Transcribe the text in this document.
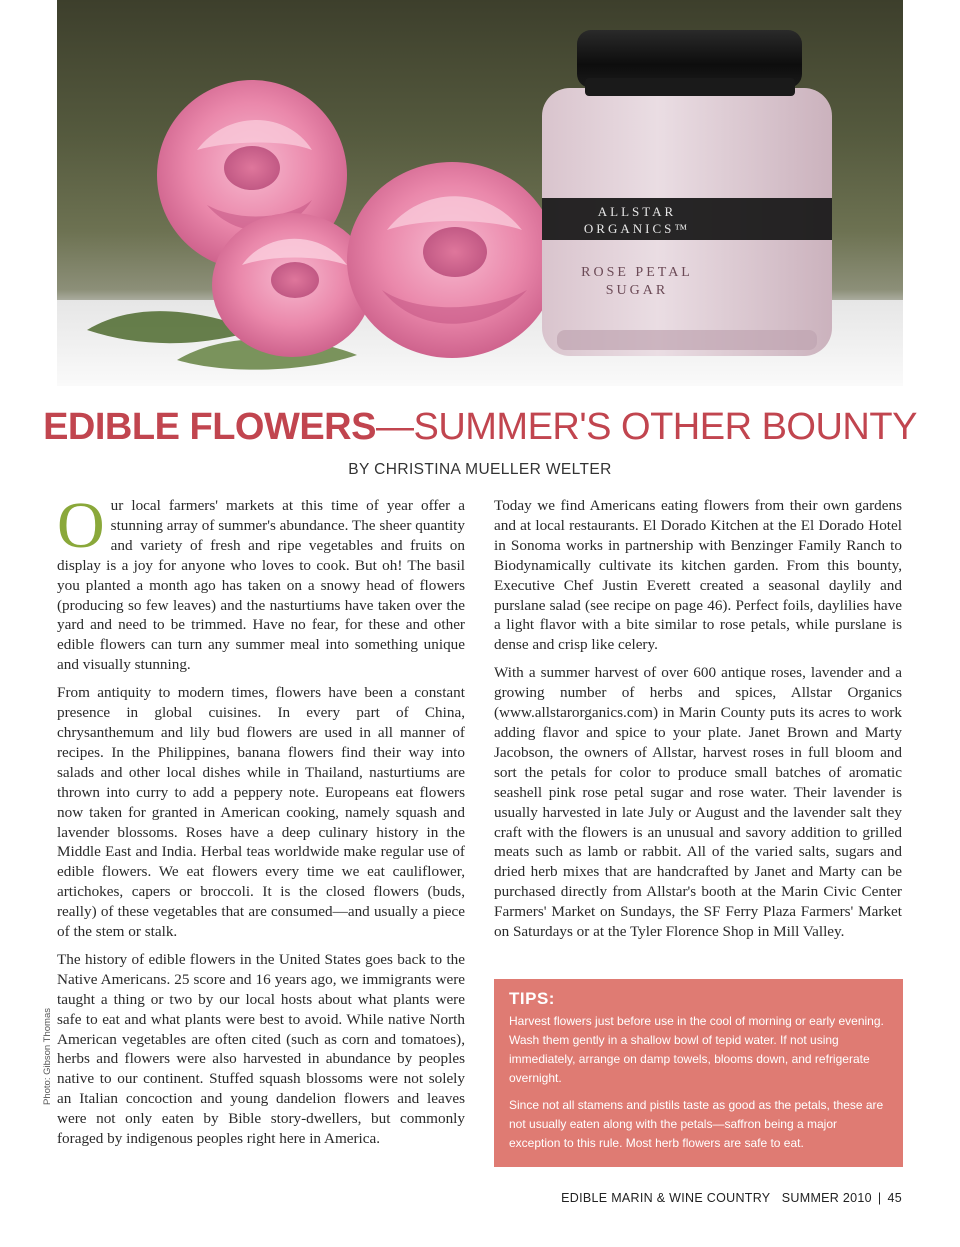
ALLSTAR
ORGANICS™
ROSE PETAL
SUGAR
EDIBLE FLOWERS—SUMMER'S OTHER BOUNTY
BY CHRISTINA MUELLER WELTER

Our local farmers' markets at this time of year offer a stunning array of summer's abundance. The sheer quantity and variety of fresh and ripe vegetables and fruits on display is a joy for anyone who loves to cook. But oh! The basil you planted a month ago has taken on a snowy head of flowers (producing so few leaves) and the nasturtiums have taken over the yard and need to be trimmed. Have no fear, for these and other edible flowers can turn any summer meal into something unique and visually stunning.

From antiquity to modern times, flowers have been a constant presence in global cuisines. In every part of China, chrysanthemum and lily bud flowers are used in all manner of recipes. In the Philippines, banana flowers find their way into salads and other local dishes while in Thailand, nasturtiums are thrown into curry to add a peppery note. Europeans eat flowers now taken for granted in American cooking, namely squash and lavender blossoms. Roses have a deep culinary history in the Middle East and India. Herbal teas worldwide make regular use of edible flowers. We eat flowers every time we eat cauliflower, artichokes, capers or broccoli. It is the closed flowers (buds, really) of these vegetables that are consumed—and usually a piece of the stem or stalk.

The history of edible flowers in the United States goes back to the Native Americans. 25 score and 16 years ago, we immigrants were taught a thing or two by our local hosts about what plants were safe to eat and what plants were best to avoid. While native North American vegetables are often cited (such as corn and tomatoes), herbs and flowers were also harvested in abundance by peoples native to our continent. Stuffed squash blossoms were not solely an Italian concoction and young dandelion flowers and leaves were not only eaten by Bible story-dwellers, but commonly foraged by indigenous peoples right here in America.

Today we find Americans eating flowers from their own gardens and at local restaurants. El Dorado Kitchen at the El Dorado Hotel in Sonoma works in partnership with Benzinger Family Ranch to Biodynamically cultivate its kitchen garden. From this bounty, Executive Chef Justin Everett created a seasonal daylily and purslane salad (see recipe on page 46). Perfect foils, daylilies have a light flavor with a bite similar to rose petals, while purslane is dense and crisp like celery.

With a summer harvest of over 600 antique roses, lavender and a growing number of herbs and spices, Allstar Organics (www.allstarorganics.com) in Marin County puts its acres to work adding flavor and spice to your plate. Janet Brown and Marty Jacobson, the owners of Allstar, harvest roses in full bloom and sort the petals for color to produce small batches of aromatic seashell pink rose petal sugar and rose water. Their lavender is usually harvested in late July or August and the lavender salt they craft with the flowers is an unusual and savory addition to grilled meats such as lamb or rabbit. All of the varied salts, sugars and dried herb mixes that are handcrafted by Janet and Marty can be purchased directly from Allstar's booth at the Marin Civic Center Farmers' Market on Sundays, the SF Ferry Plaza Farmers' Market on Saturdays or at the Tyler Florence Shop in Mill Valley.

TIPS:

Harvest flowers just before use in the cool of morning or early evening. Wash them gently in a shallow bowl of tepid water. If not using immediately, arrange on damp towels, blooms down, and refrigerate overnight.

Since not all stamens and pistils taste as good as the petals, these are not usually eaten along with the petals—saffron being a major exception to this rule. Most herb flowers are safe to eat.

Photo: Gibson Thomas
EDIBLE MARIN & WINE COUNTRY SUMMER 2010 | 45
